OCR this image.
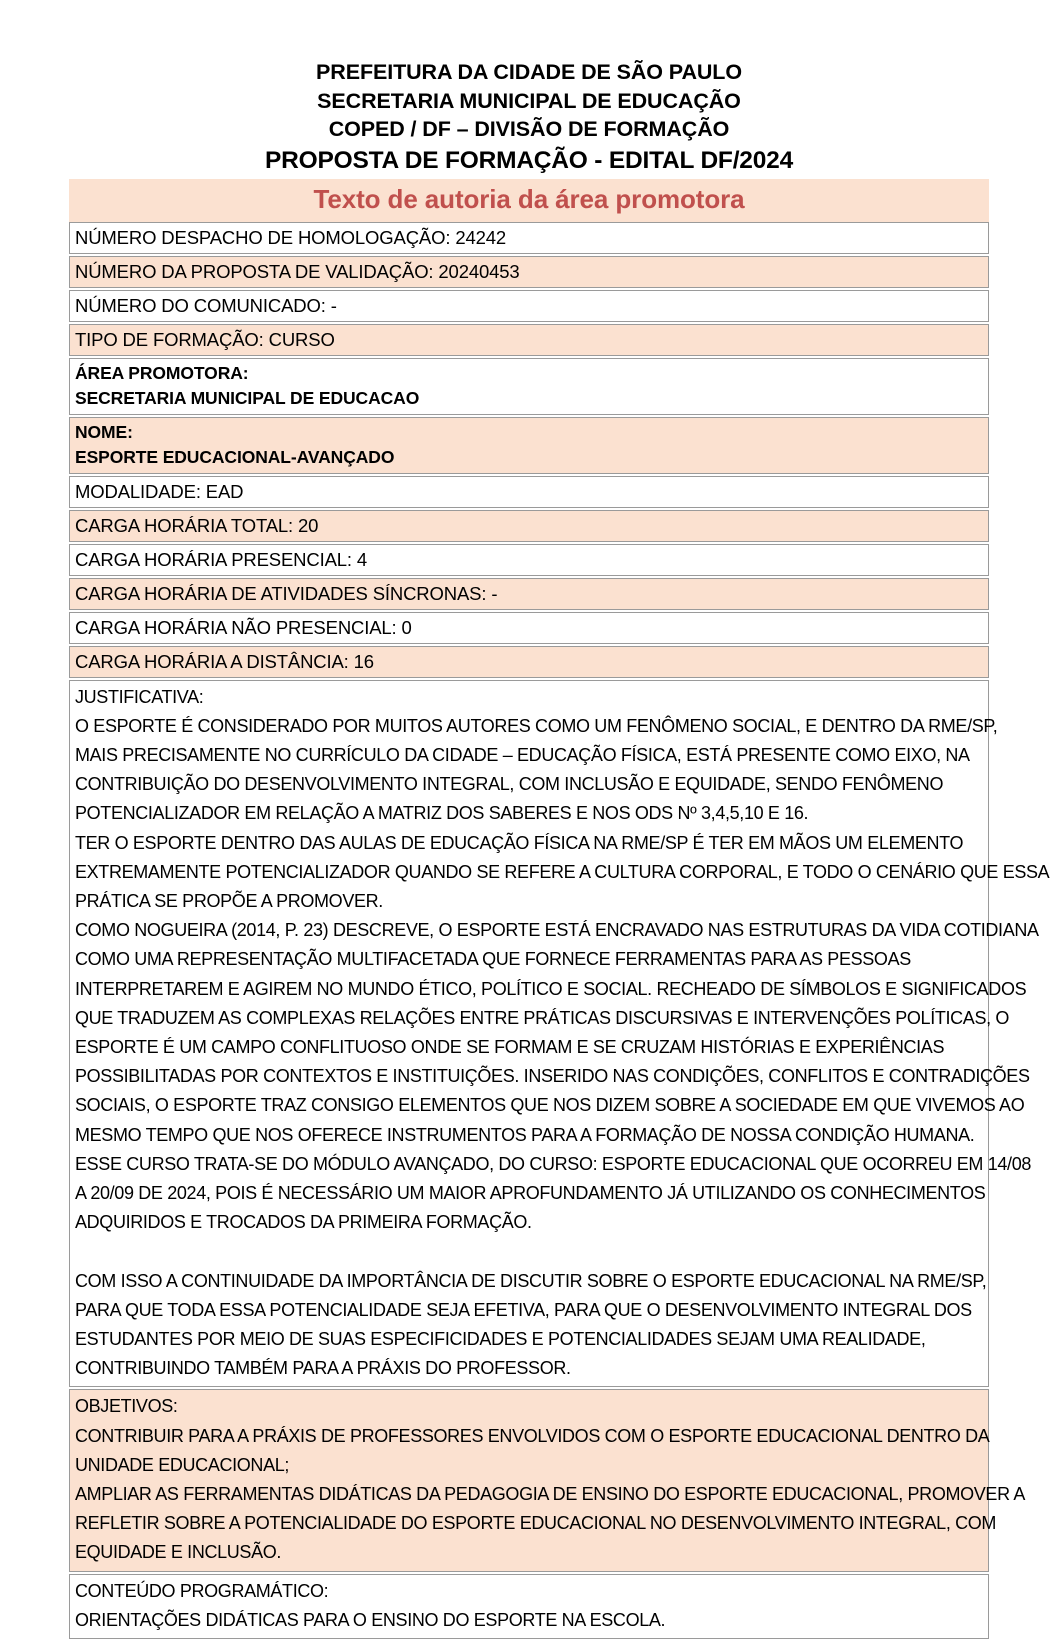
PREFEITURA DA CIDADE DE SÃO PAULO
SECRETARIA MUNICIPAL DE EDUCAÇÃO
COPED / DF – DIVISÃO DE FORMAÇÃO
PROPOSTA DE FORMAÇÃO - EDITAL DF/2024
Texto de autoria da área promotora
NÚMERO DESPACHO DE HOMOLOGAÇÃO: 24242
NÚMERO DA PROPOSTA DE VALIDAÇÃO: 20240453
NÚMERO DO COMUNICADO: -
TIPO DE FORMAÇÃO: CURSO
ÁREA PROMOTORA:
SECRETARIA MUNICIPAL DE EDUCACAO
NOME:
ESPORTE EDUCACIONAL-AVANÇADO
MODALIDADE: EAD
CARGA HORÁRIA TOTAL: 20
CARGA HORÁRIA PRESENCIAL: 4
CARGA HORÁRIA DE ATIVIDADES SÍNCRONAS: -
CARGA HORÁRIA NÃO PRESENCIAL: 0
CARGA HORÁRIA A DISTÂNCIA: 16

JUSTIFICATIVA:

O ESPORTE É CONSIDERADO POR MUITOS AUTORES COMO UM FENÔMENO SOCIAL, E DENTRO DA RME/SP,

MAIS PRECISAMENTE NO CURRÍCULO DA CIDADE – EDUCAÇÃO FÍSICA, ESTÁ PRESENTE COMO EIXO, NA

CONTRIBUIÇÃO DO DESENVOLVIMENTO INTEGRAL, COM INCLUSÃO E EQUIDADE, SENDO FENÔMENO

POTENCIALIZADOR EM RELAÇÃO A MATRIZ DOS SABERES E NOS ODS Nº 3,4,5,10 E 16.

TER O ESPORTE DENTRO DAS AULAS DE EDUCAÇÃO FÍSICA NA RME/SP É TER EM MÃOS UM ELEMENTO

EXTREMAMENTE POTENCIALIZADOR QUANDO SE REFERE A CULTURA CORPORAL, E TODO O CENÁRIO QUE ESSA

PRÁTICA SE PROPÕE A PROMOVER.

COMO NOGUEIRA (2014, P. 23) DESCREVE, O ESPORTE ESTÁ ENCRAVADO NAS ESTRUTURAS DA VIDA COTIDIANA

COMO UMA REPRESENTAÇÃO MULTIFACETADA QUE FORNECE FERRAMENTAS PARA AS PESSOAS

INTERPRETAREM E AGIREM NO MUNDO ÉTICO, POLÍTICO E SOCIAL. RECHEADO DE SÍMBOLOS E SIGNIFICADOS

QUE TRADUZEM AS COMPLEXAS RELAÇÕES ENTRE PRÁTICAS DISCURSIVAS E INTERVENÇÕES POLÍTICAS, O

ESPORTE É UM CAMPO CONFLITUOSO ONDE SE FORMAM E SE CRUZAM HISTÓRIAS E EXPERIÊNCIAS

POSSIBILITADAS POR CONTEXTOS E INSTITUIÇÕES. INSERIDO NAS CONDIÇÕES, CONFLITOS E CONTRADIÇÕES

SOCIAIS, O ESPORTE TRAZ CONSIGO ELEMENTOS QUE NOS DIZEM SOBRE A SOCIEDADE EM QUE VIVEMOS AO

MESMO TEMPO QUE NOS OFERECE INSTRUMENTOS PARA A FORMAÇÃO DE NOSSA CONDIÇÃO HUMANA.

ESSE CURSO TRATA-SE DO MÓDULO AVANÇADO, DO CURSO: ESPORTE EDUCACIONAL QUE OCORREU EM 14/08

A 20/09 DE 2024, POIS É NECESSÁRIO UM MAIOR APROFUNDAMENTO JÁ UTILIZANDO OS CONHECIMENTOS

ADQUIRIDOS E TROCADOS DA PRIMEIRA FORMAÇÃO.

COM ISSO A CONTINUIDADE DA IMPORTÂNCIA DE DISCUTIR SOBRE O ESPORTE EDUCACIONAL NA RME/SP,

PARA QUE TODA ESSA POTENCIALIDADE SEJA EFETIVA, PARA QUE O DESENVOLVIMENTO INTEGRAL DOS

ESTUDANTES POR MEIO DE SUAS ESPECIFICIDADES E POTENCIALIDADES SEJAM UMA REALIDADE,

CONTRIBUINDO TAMBÉM PARA A PRÁXIS DO PROFESSOR.

OBJETIVOS:

CONTRIBUIR PARA A PRÁXIS DE PROFESSORES ENVOLVIDOS COM O ESPORTE EDUCACIONAL DENTRO DA

UNIDADE EDUCACIONAL;

AMPLIAR AS FERRAMENTAS DIDÁTICAS DA PEDAGOGIA DE ENSINO DO ESPORTE EDUCACIONAL, PROMOVER A

REFLETIR SOBRE A POTENCIALIDADE DO ESPORTE EDUCACIONAL NO DESENVOLVIMENTO INTEGRAL, COM

EQUIDADE E INCLUSÃO.

CONTEÚDO PROGRAMÁTICO:

ORIENTAÇÕES DIDÁTICAS PARA O ENSINO DO ESPORTE NA ESCOLA.
